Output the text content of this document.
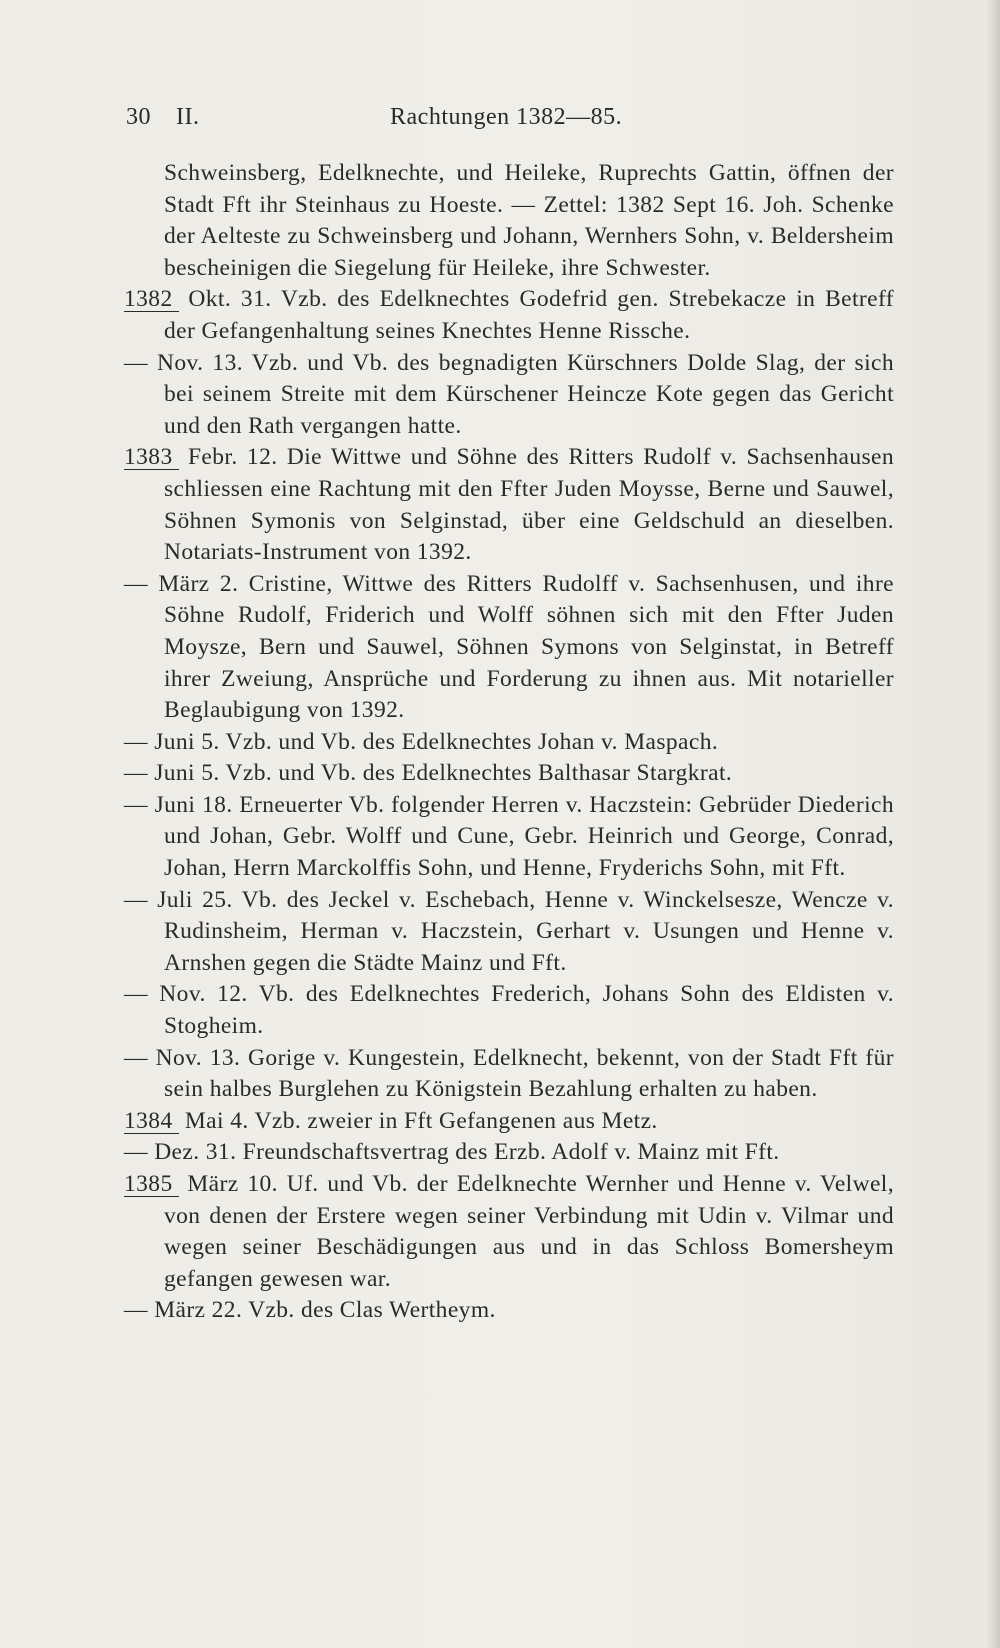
30 II.	Rachtungen 1382—85.
Schweinsberg, Edelknechte, und Heileke, Ruprechts Gattin, öffnen der Stadt Fft ihr Steinhaus zu Hoeste. — Zettel: 1382 Sept 16. Joh. Schenke der Aelteste zu Schweinsberg und Johann, Wernhers Sohn, v. Beldersheim bescheinigen die Siegelung für Heileke, ihre Schwester.
1382 Okt. 31. Vzb. des Edelknechtes Godefrid gen. Strebekacze in Betreff der Gefangenhaltung seines Knechtes Henne Rissche.
— Nov. 13. Vzb. und Vb. des begnadigten Kürschners Dolde Slag, der sich bei seinem Streite mit dem Kürschener Heincze Kote gegen das Gericht und den Rath vergangen hatte.
1383 Febr. 12. Die Wittwe und Söhne des Ritters Rudolf v. Sachsenhausen schliessen eine Rachtung mit den Ffter Juden Moysse, Berne und Sauwel, Söhnen Symonis von Selginstad, über eine Geldschuld an dieselben. Notariats-Instrument von 1392.
— März 2. Cristine, Wittwe des Ritters Rudolff v. Sachsenhusen, und ihre Söhne Rudolf, Friderich und Wolff söhnen sich mit den Ffter Juden Moysze, Bern und Sauwel, Söhnen Symons von Selginstat, in Betreff ihrer Zweiung, Ansprüche und Forderung zu ihnen aus. Mit notarieller Beglaubigung von 1392.
— Juni 5. Vzb. und Vb. des Edelknechtes Johan v. Maspach.
— Juni 5. Vzb. und Vb. des Edelknechtes Balthasar Stargkrat.
— Juni 18. Erneuerter Vb. folgender Herren v. Haczstein: Gebrüder Diederich und Johan, Gebr. Wolff und Cune, Gebr. Heinrich und George, Conrad, Johan, Herrn Marckolffis Sohn, und Henne, Fryderichs Sohn, mit Fft.
— Juli 25. Vb. des Jeckel v. Eschebach, Henne v. Winckelsesze, Wencze v. Rudinsheim, Herman v. Haczstein, Gerhart v. Usungen und Henne v. Arnshen gegen die Städte Mainz und Fft.
— Nov. 12. Vb. des Edelknechtes Frederich, Johans Sohn des Eldisten v. Stogheim.
— Nov. 13. Gorige v. Kungestein, Edelknecht, bekennt, von der Stadt Fft für sein halbes Burglehen zu Königstein Bezahlung erhalten zu haben.
1384 Mai 4. Vzb. zweier in Fft Gefangenen aus Metz.
— Dez. 31. Freundschaftsvertrag des Erzb. Adolf v. Mainz mit Fft.
1385 März 10. Uf. und Vb. der Edelknechte Wernher und Henne v. Velwel, von denen der Erstere wegen seiner Verbindung mit Udin v. Vilmar und wegen seiner Beschädigungen aus und in das Schloss Bomersheym gefangen gewesen war.
— März 22. Vzb. des Clas Wertheym.
